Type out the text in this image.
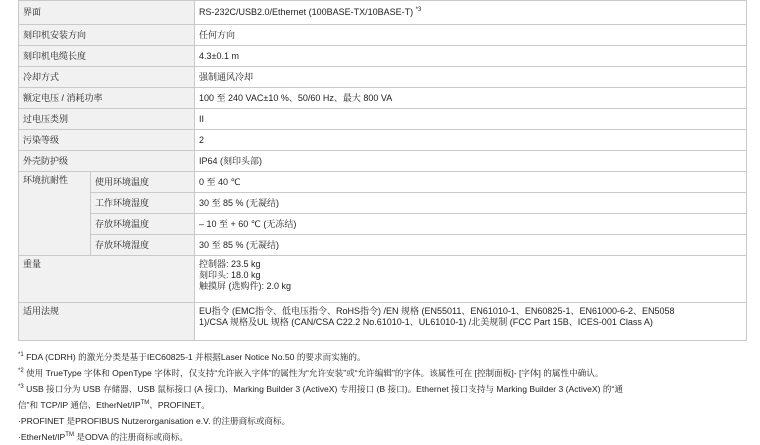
界面		RS-232C/USB2.0/Ethernet (100BASE-TX/10BASE-T) $^{*3}$
刻印机安装方向		任何方向
刻印机电缆长度		4.3±0.1 m
冷却方式		强制通风冷却
额定电压 / 消耗功率		100 至 240 VAC±10 %、50/60 Hz、最大 800 VA
过电压类别		II
污染等级		2
外壳防护级		IP64 (刻印头部)
环境抗耐性	使用环境温度	0 至 40 ℃
	工作环境湿度	30 至 85 % (无凝结)
	存放环境温度	– 10 至 + 60 ℃ (无冻结)
	存放环境湿度	30 至 85 % (无凝结)
重量		控制器: 23.5 kg
刻印头: 18.0 kg
触摸屏 (选购件): 2.0 kg

适用法规		EU指令 (EMC指令、低电压指令、RoHS指令) /EN 规格 (EN55011、EN61010-1、EN60825-1、EN61000-6-2、EN5058
1)/CSA 规格及UL 规格 (CAN/CSA C22.2 No.61010-1、UL61010-1) /北美规制 (FCC Part 15B、ICES-001 Class A)
$^{*1}$ FDA (CDRH) 的激光分类是基于IEC60825-1 并根据Laser Notice No.50 的要求而实施的。
$^{*2}$ 使用 TrueType 字体和 OpenType 字体时，仅支持“允许嵌入字体”的属性为“允许安装”或“允许编辑”的字体。该属性可在 [控制面板]- [字体] 的属性中确认。
$^{*3}$ USB 接口分为 USB 存储器、USB 鼠标接口 (A 接口)、Marking Builder 3 (ActiveX) 专用接口 (B 接口)。Ethernet 接口支持与 Marking Builder 3 (ActiveX) 的“通
信”和 TCP/IP 通信、EtherNet/IP™、PROFINET。
·PROFINET 是PROFIBUS Nutzerorganisation e.V. 的注册商标或商标。
·EtherNet/IP™ 是ODVA 的注册商标或商标。
